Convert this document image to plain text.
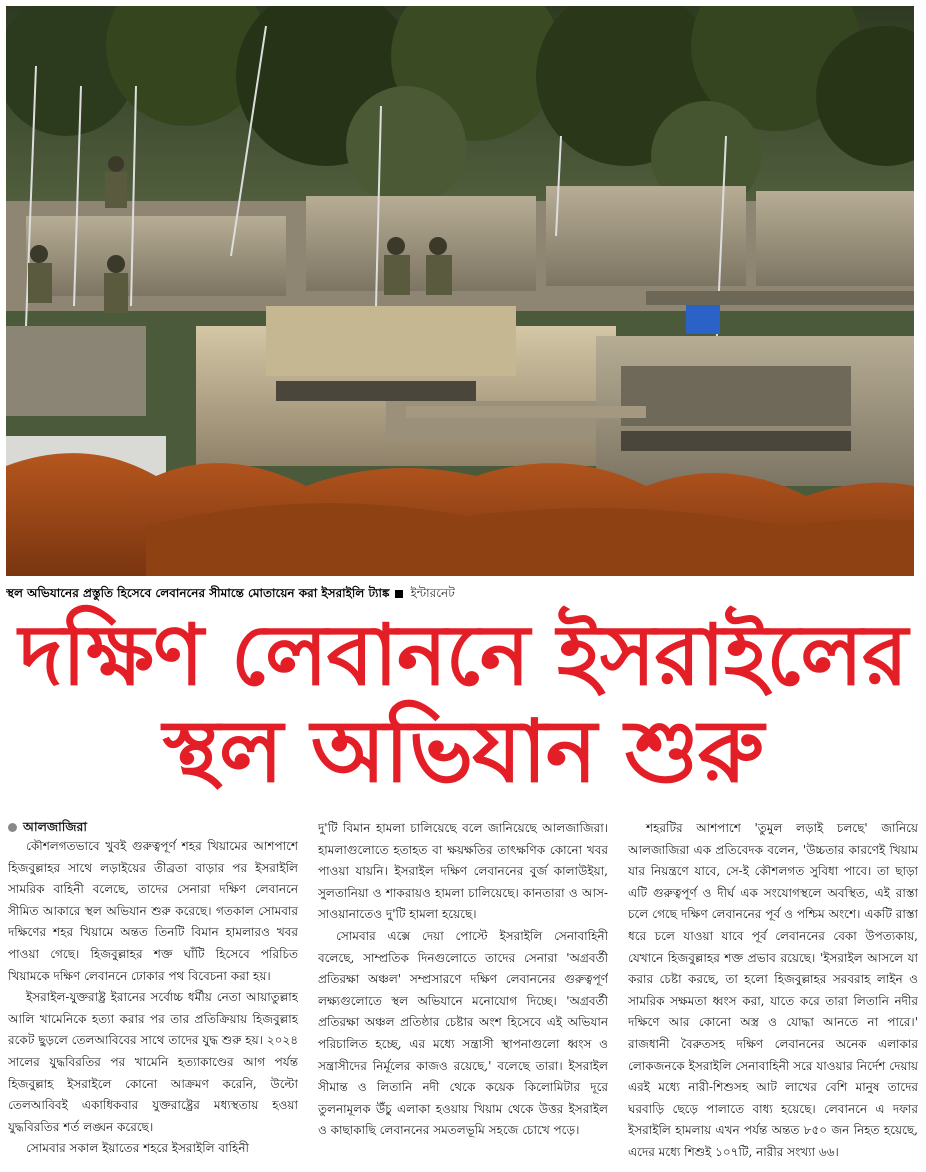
স্থল অভিযানের প্রস্তুতি হিসেবে লেবাননের সীমান্তে মোতায়েন করা ইসরাইলি ট্যাঙ্ক ইন্টারনেট
দক্ষিণ লেবাননে ইসরাইলের
স্থল অভিযান শুরু
আলজাজিরা

কৌশলগতভাবে খুবই গুরুত্বপূর্ণ শহর খিয়ামের আশপাশে হিজবুল্লাহর সাথে লড়াইয়ের তীব্রতা বাড়ার পর ইসরাইলি সামরিক বাহিনী বলেছে, তাদের সেনারা দক্ষিণ লেবাননে সীমিত আকারে স্থল অভিযান শুরু করেছে। গতকাল সোমবার দক্ষিণের শহর খিয়ামে অন্তত তিনটি বিমান হামলারও খবর পাওয়া গেছে। হিজবুল্লাহর শক্ত ঘাঁটি হিসেবে পরিচিত খিয়ামকে দক্ষিণ লেবাননে ঢোকার পথ বিবেচনা করা হয়।

ইসরাইল-যুক্তরাষ্ট্র ইরানের সর্বোচ্চ ধর্মীয় নেতা আয়াতুল্লাহ আলি খামেনিকে হত্যা করার পর তার প্রতিক্রিয়ায় হিজবুল্লাহ রকেট ছুড়লে তেলআবিবের সাথে তাদের যুদ্ধ শুরু হয়। ২০২৪ সালের যুদ্ধবিরতির পর খামেনি হত্যাকাণ্ডের আগ পর্যন্ত হিজবুল্লাহ ইসরাইলে কোনো আক্রমণ করেনি, উল্টো তেলআবিবই একাধিকবার যুক্তরাষ্ট্রের মধ্যস্থতায় হওয়া যুদ্ধবিরতির শর্ত লঙ্ঘন করেছে।

সোমবার সকাল ইয়াতের শহরে ইসরাইলি বাহিনী

দু'টি বিমান হামলা চালিয়েছে বলে জানিয়েছে আলজাজিরা। হামলাগুলোতে হতাহত বা ক্ষয়ক্ষতির তাৎক্ষণিক কোনো খবর পাওয়া যায়নি। ইসরাইল দক্ষিণ লেবাননের বুর্জ কালাউইয়া, সুলতানিয়া ও শাকরায়ও হামলা চালিয়েছে। কানতারা ও আস-সাওয়ানাতেও দু'টি হামলা হয়েছে।

সোমবার এক্সে দেয়া পোস্টে ইসরাইলি সেনাবাহিনী বলেছে, সাম্প্রতিক দিনগুলোতে তাদের সেনারা 'অগ্রবর্তী প্রতিরক্ষা অঞ্চল' সম্প্রসারণে দক্ষিণ লেবাননের গুরুত্বপূর্ণ লক্ষ্যগুলোতে স্থল অভিযানে মনোযোগ দিচ্ছে। 'অগ্রবর্তী প্রতিরক্ষা অঞ্চল প্রতিষ্ঠার চেষ্টার অংশ হিসেবে এই অভিযান পরিচালিত হচ্ছে, এর মধ্যে সন্ত্রাসী স্থাপনাগুলো ধ্বংস ও সন্ত্রাসীদের নির্মূলের কাজও রয়েছে,' বলেছে তারা। ইসরাইল সীমান্ত ও লিতানি নদী থেকে কয়েক কিলোমিটার দূরে তুলনামূলক উঁচু এলাকা হওয়ায় খিয়াম থেকে উত্তর ইসরাইল ও কাছাকাছি লেবাননের সমতলভূমি সহজে চোখে পড়ে।

শহরটির আশপাশে 'তুমুল লড়াই চলছে' জানিয়ে আলজাজিরা এক প্রতিবেদক বলেন, 'উচ্চতার কারণেই খিয়াম যার নিয়ন্ত্রণে যাবে, সে-ই কৌশলগত সুবিধা পাবে। তা ছাড়া এটি গুরুত্বপূর্ণ ও দীর্ঘ এক সংযোগস্থলে অবস্থিত, এই রাস্তা চলে গেছে দক্ষিণ লেবাননের পূর্ব ও পশ্চিম অংশে। একটি রাস্তা ধরে চলে যাওয়া যাবে পূর্ব লেবাননের বেকা উপত্যকায়, যেখানে হিজবুল্লাহর শক্ত প্রভাব রয়েছে। 'ইসরাইল আসলে যা করার চেষ্টা করছে, তা হলো হিজবুল্লাহর সরবরাহ লাইন ও সামরিক সক্ষমতা ধ্বংস করা, যাতে করে তারা লিতানি নদীর দক্ষিণে আর কোনো অস্ত্র ও যোদ্ধা আনতে না পারে।' রাজধানী বৈরুতসহ দক্ষিণ লেবাননের অনেক এলাকার লোকজনকে ইসরাইলি সেনাবাহিনী সরে যাওয়ার নির্দেশ দেয়ায় এরই মধ্যে নারী-শিশুসহ আট লাখের বেশি মানুষ তাদের ঘরবাড়ি ছেড়ে পালাতে বাধ্য হয়েছে। লেবাননে এ দফার ইসরাইলি হামলায় এখন পর্যন্ত অন্তত ৮৫০ জন নিহত হয়েছে, এদের মধ্যে শিশুই ১০৭টি, নারীর সংখ্যা ৬৬।
